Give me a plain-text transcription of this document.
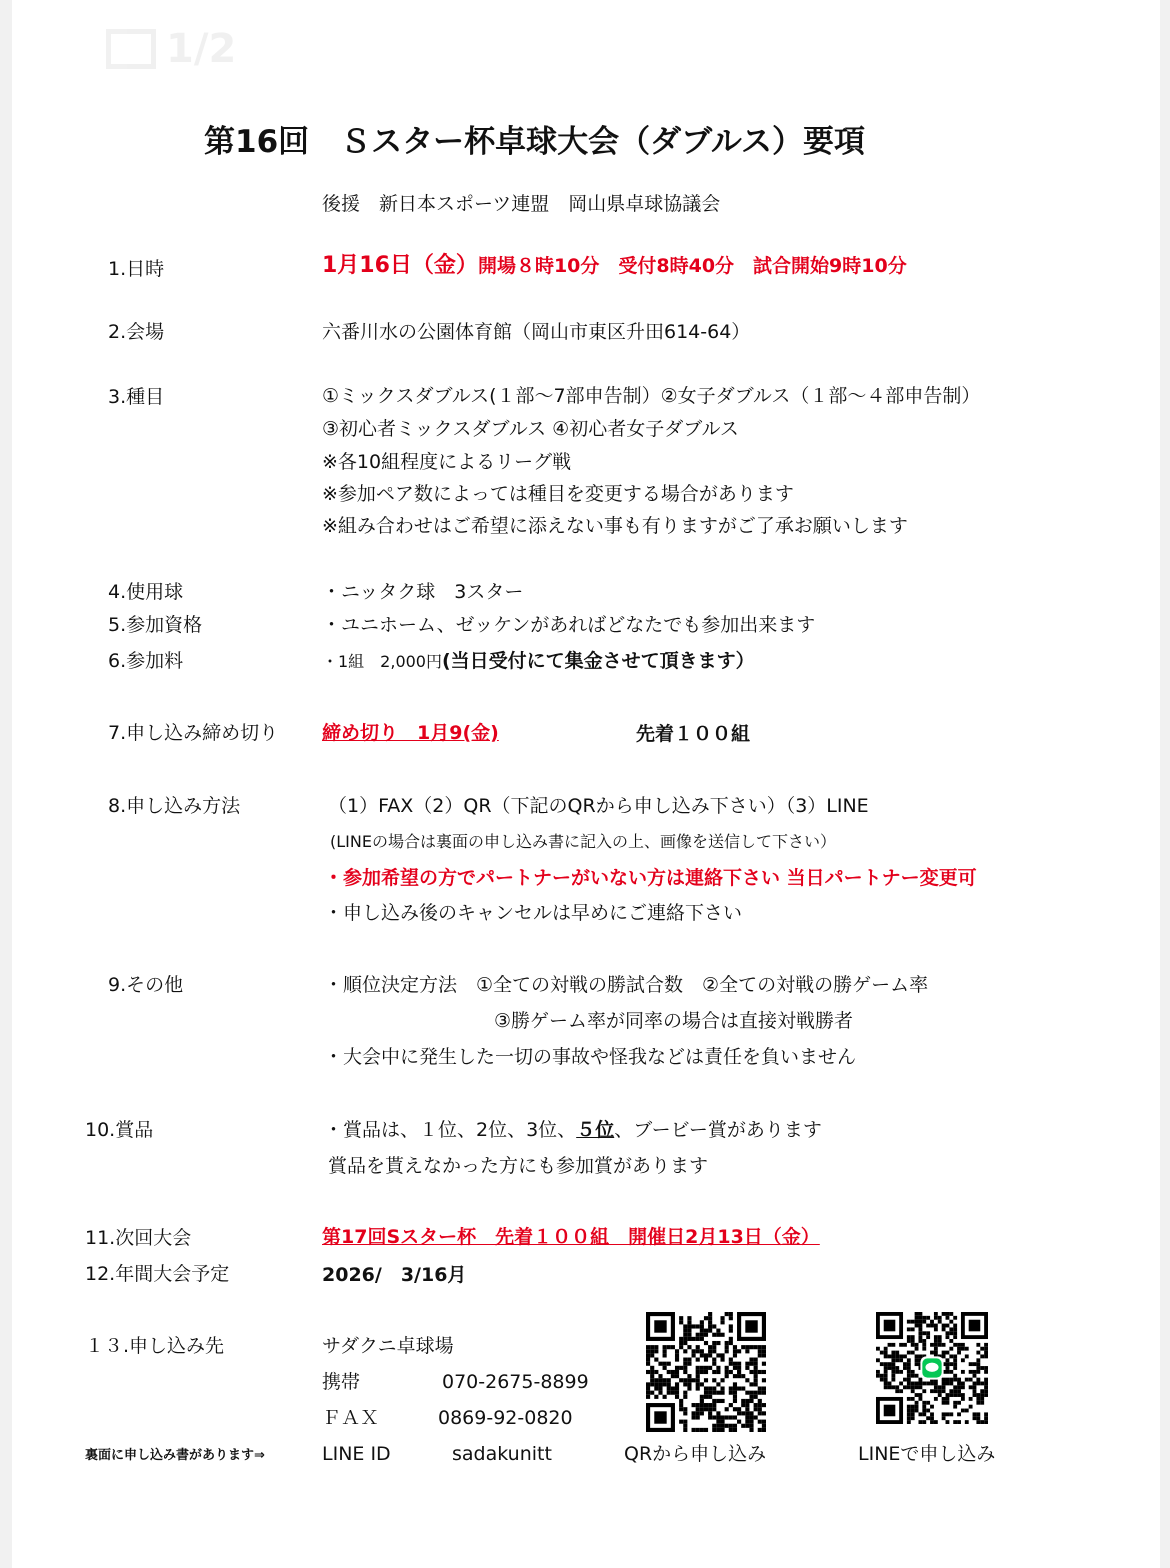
1/2
第16回　Ｓスター杯卓球大会（ダブルス）要項
後援　新日本スポーツ連盟　岡山県卓球協議会
1.日時	1月16日（金）開場８時10分　受付8時40分　試合開始9時10分
2.会場	六番川水の公園体育館（岡山市東区升田614-64）
3.種目	①ミックスダブルス(１部〜7部申告制）②女子ダブルス（１部〜４部申告制）
③初心者ミックスダブルス ④初心者女子ダブルス
※各10組程度によるリーグ戦
※参加ペア数によっては種目を変更する場合があります
※組み合わせはご希望に添えない事も有りますがご了承お願いします
4.使用球	・ニッタク球　3スター
5.参加資格	・ユニホーム、ゼッケンがあればどなたでも参加出来ます
6.参加料	・1組　2,000円(当日受付にて集金させて頂きます）
7.申し込み締め切り 締め切り　1月9(金)	先着１００組
8.申し込み方法	（1）FAX（2）QR（下記のQRから申し込み下さい）（3）LINE
(LINEの場合は裏面の申し込み書に記入の上、画像を送信して下さい）
・参加希望の方でパートナーがいない方は連絡下さい 当日パートナー変更可
・申し込み後のキャンセルは早めにご連絡下さい
9.その他	・順位決定方法　①全ての対戦の勝試合数　②全ての対戦の勝ゲーム率
③勝ゲーム率が同率の場合は直接対戦勝者
・大会中に発生した一切の事故や怪我などは責任を負いません
10.賞品	・賞品は、１位、2位、3位、５位、ブービー賞があります
賞品を貰えなかった方にも参加賞があります
11.次回大会	第17回Sスター杯　先着１００組　開催日2月13日（金）
12.年間大会予定	2026/　3/16月
１３.申し込み先	サダクニ卓球場
携帯	070-2675-8899
ＦＡＸ	0869-92-0820
裏面に申し込み書があります⇒	LINE ID	sadakunitt	QRから申し込み	LINEで申し込み
